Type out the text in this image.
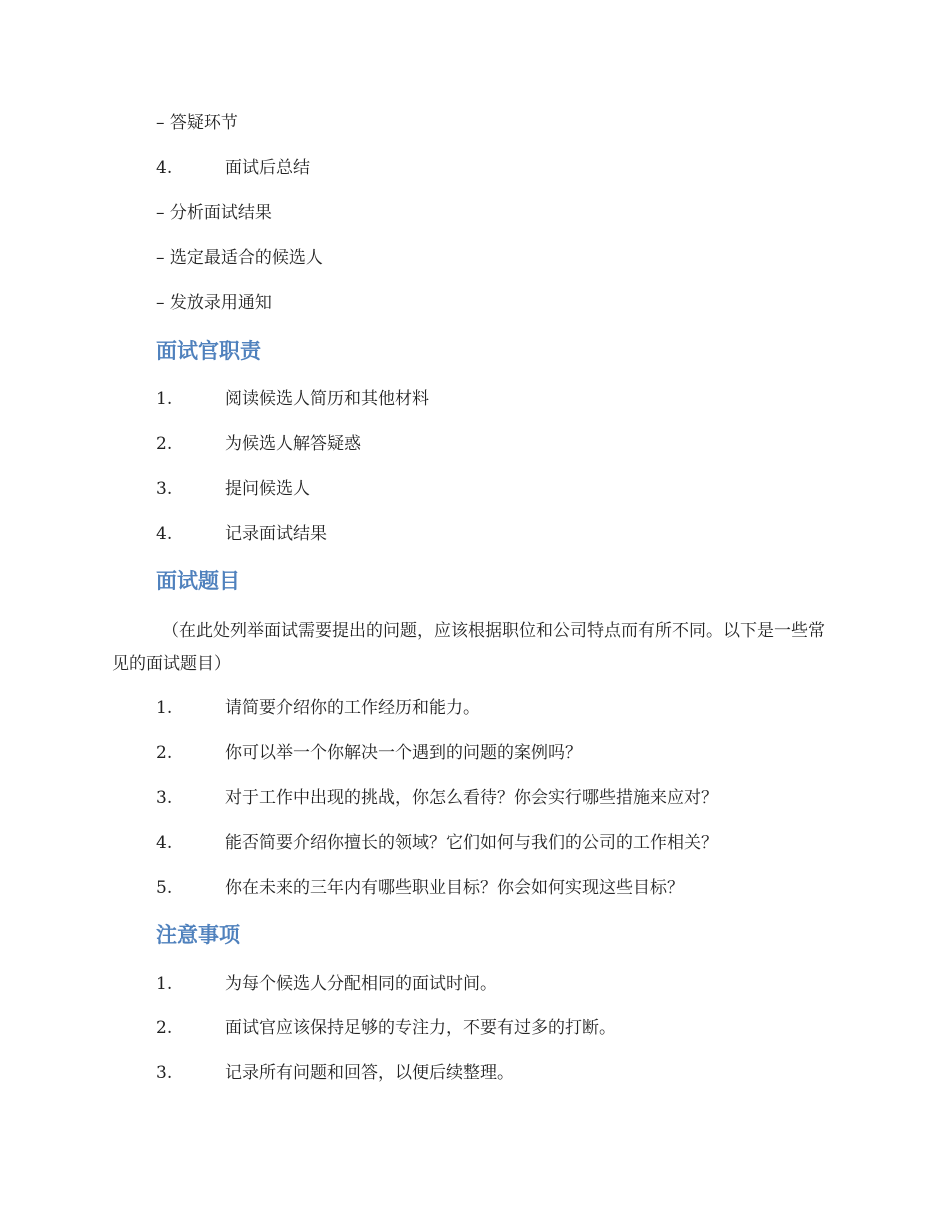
– 答疑环节
4.	面试后总结
– 分析面试结果
– 选定最适合的候选人
– 发放录用通知
面试官职责
1.	阅读候选人简历和其他材料
2.	为候选人解答疑惑
3.	提问候选人
4.	记录面试结果
面试题目
（在此处列举面试需要提出的问题，应该根据职位和公司特点而有所不同。以下是一些常见的面试题目）
1.	请简要介绍你的工作经历和能力。
2.	你可以举一个你解决一个遇到的问题的案例吗？
3.	对于工作中出现的挑战，你怎么看待？你会实行哪些措施来应对？
4.	能否简要介绍你擅长的领域？它们如何与我们的公司的工作相关？
5.	你在未来的三年内有哪些职业目标？你会如何实现这些目标？
注意事项
1.	为每个候选人分配相同的面试时间。
2.	面试官应该保持足够的专注力，不要有过多的打断。
3.	记录所有问题和回答，以便后续整理。
